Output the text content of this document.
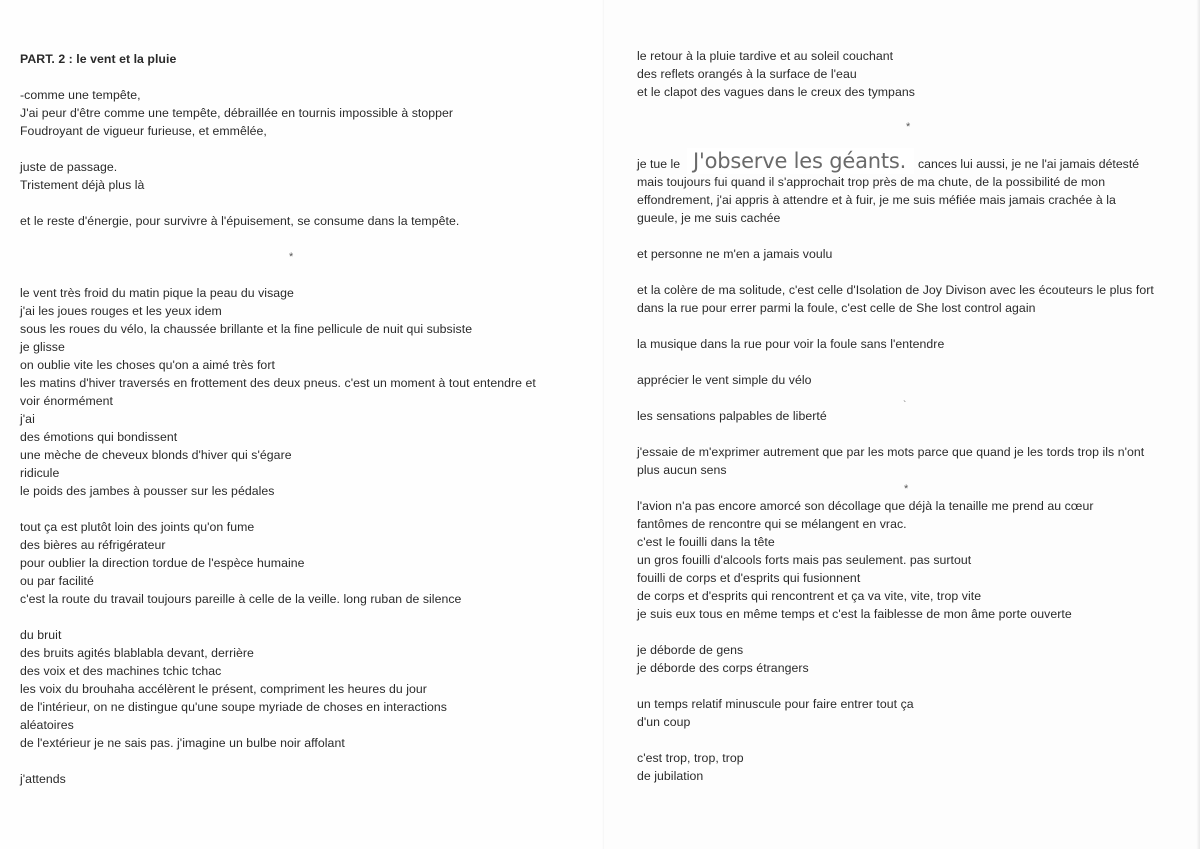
PART. 2 : le vent et la pluie
-comme une tempête,
J'ai peur d'être comme une tempête, débraillée en tournis impossible à stopper
Foudroyant de vigueur furieuse, et emmêlée,
juste de passage.
Tristement déjà plus là
et le reste d'énergie, pour survivre à l'épuisement, se consume dans la tempête.
le vent très froid du matin pique la peau du visage
j'ai les joues rouges et les yeux idem
sous les roues du vélo, la chaussée brillante et la fine pellicule de nuit qui subsiste
je glisse
on oublie vite les choses qu'on a aimé très fort
les matins d'hiver traversés en frottement des deux pneus. c'est un moment à tout entendre et
voir énormément
j'ai
des émotions qui bondissent
une mèche de cheveux blonds d'hiver qui s'égare
ridicule
le poids des jambes à pousser sur les pédales
tout ça est plutôt loin des joints qu'on fume
des bières au réfrigérateur
pour oublier la direction tordue de l'espèce humaine
ou par facilité
c'est la route du travail toujours pareille à celle de la veille. long ruban de silence
du bruit
des bruits agités blablabla devant, derrière
des voix et des machines tchic tchac
les voix du brouhaha accélèrent le présent, compriment les heures du jour
de l'intérieur, on ne distingue qu'une soupe myriade de choses en interactions
aléatoires
de l'extérieur je ne sais pas. j'imagine un bulbe noir affolant
j'attends
*
*
*
`
le retour à la pluie tardive et au soleil couchant
des reflets orangés à la surface de l'eau
et le clapot des vagues dans le creux des tympans
je tue le	cances lui aussi, je ne l'ai jamais détesté
mais toujours fui quand il s'approchait trop près de ma chute, de la possibilité de mon
effondrement, j'ai appris à attendre et à fuir, je me suis méfiée mais jamais crachée à la
gueule, je me suis cachée
et personne ne m'en a jamais voulu
et la colère de ma solitude, c'est celle d'Isolation de Joy Divison avec les écouteurs le plus fort
dans la rue pour errer parmi la foule, c'est celle de She lost control again
la musique dans la rue pour voir la foule sans l'entendre
apprécier le vent simple du vélo
les sensations palpables de liberté
j'essaie de m'exprimer autrement que par les mots parce que quand je les tords trop ils n'ont
plus aucun sens
l'avion n'a pas encore amorcé son décollage que déjà la tenaille me prend au cœur
fantômes de rencontre qui se mélangent en vrac.
c'est le fouilli dans la tête
un gros fouilli d'alcools forts mais pas seulement. pas surtout
fouilli de corps et d'esprits qui fusionnent
de corps et d'esprits qui rencontrent et ça va vite, vite, trop vite
je suis eux tous en même temps et c'est la faiblesse de mon âme porte ouverte
je déborde de gens
je déborde des corps étrangers
un temps relatif minuscule pour faire entrer tout ça
d'un coup
c'est trop, trop, trop
de jubilation
J'observe les géants.
